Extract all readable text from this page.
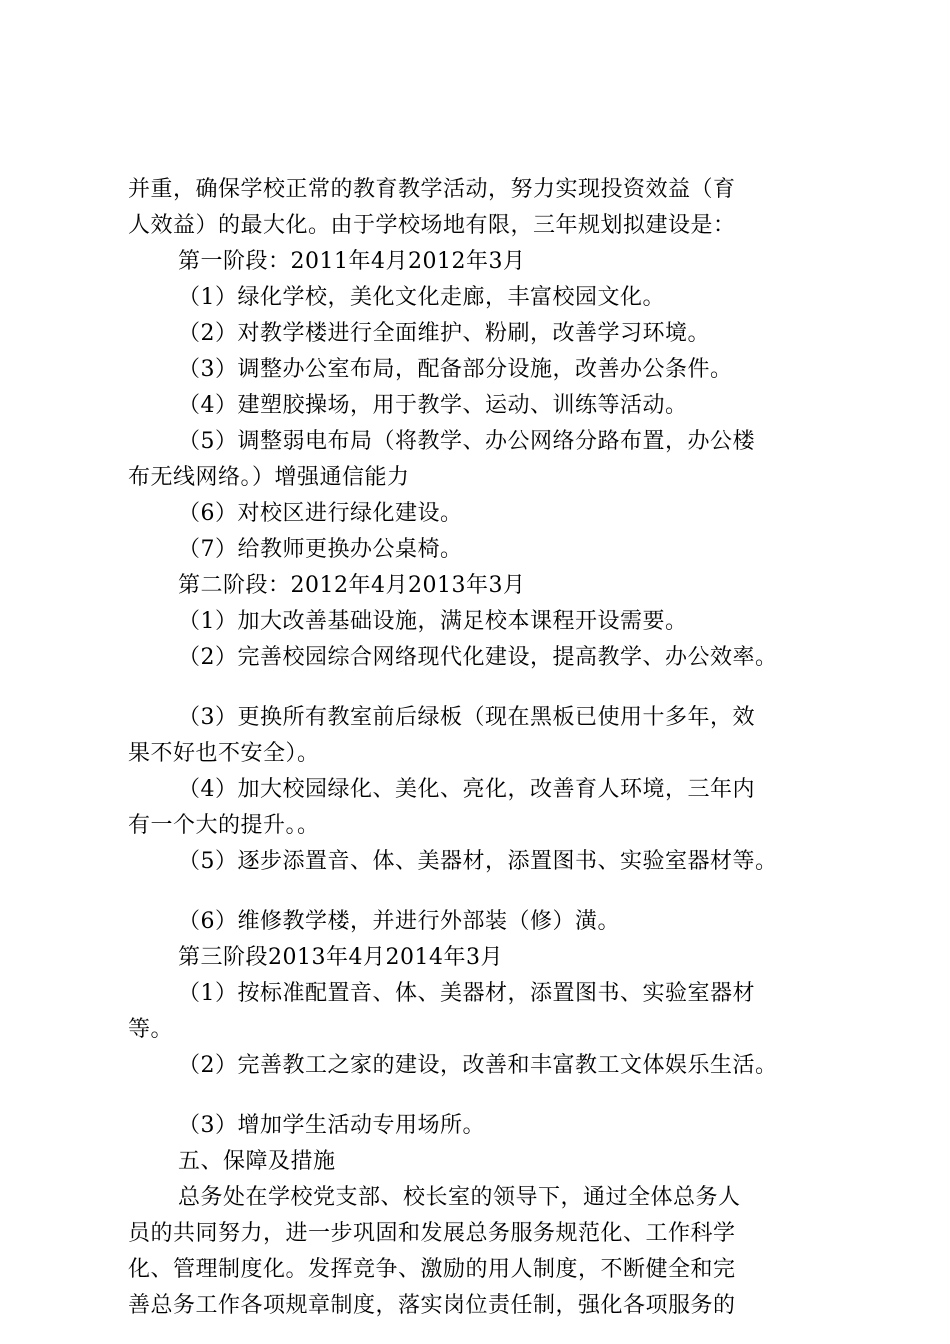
并重，确保学校正常的教育教学活动，努力实现投资效益（育
人效益）的最大化。由于学校场地有限，三年规划拟建设是：
第一阶段：2011年4月2012年3月
（1）绿化学校，美化文化走廊，丰富校园文化。
（2）对教学楼进行全面维护、粉刷，改善学习环境。
（3）调整办公室布局，配备部分设施，改善办公条件。
（4）建塑胶操场，用于教学、运动、训练等活动。
（5）调整弱电布局（将教学、办公网络分路布置，办公楼
布无线网络。）增强通信能力
（6）对校区进行绿化建设。
（7）给教师更换办公桌椅。
第二阶段：2012年4月2013年3月
（1）加大改善基础设施，满足校本课程开设需要。
（2）完善校园综合网络现代化建设，提高教学、办公效率。
（3）更换所有教室前后绿板（现在黑板已使用十多年，效
果不好也不安全）。
（4）加大校园绿化、美化、亮化，改善育人环境，三年内
有一个大的提升。。
（5）逐步添置音、体、美器材，添置图书、实验室器材等。
（6）维修教学楼，并进行外部装（修）潢。
第三阶段2013年4月2014年3月
（1）按标准配置音、体、美器材，添置图书、实验室器材
等。
（2）完善教工之家的建设，改善和丰富教工文体娱乐生活。
（3）增加学生活动专用场所。
五、保障及措施
总务处在学校党支部、校长室的领导下，通过全体总务人
员的共同努力，进一步巩固和发展总务服务规范化、工作科学
化、管理制度化。发挥竞争、激励的用人制度，不断健全和完
善总务工作各项规章制度，落实岗位责任制，强化各项服务的
